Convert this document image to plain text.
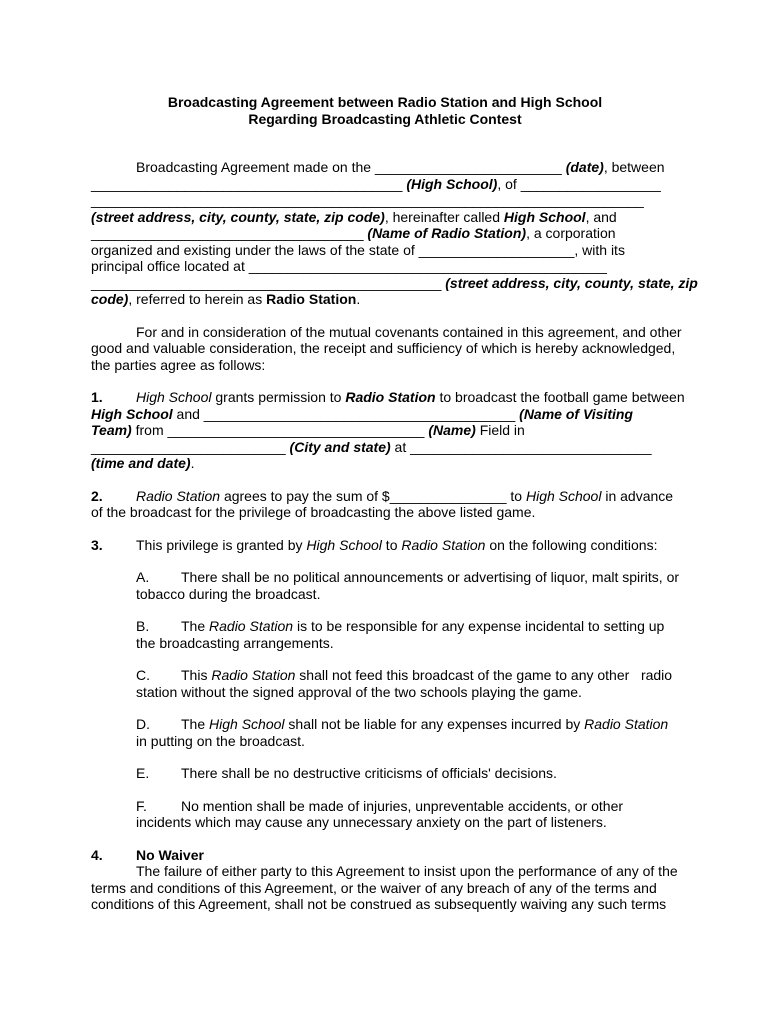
Broadcasting Agreement between Radio Station and High School
Regarding Broadcasting Athletic Contest
Broadcasting Agreement made on the ________________________ (date), between
________________________________________ (High School), of __________________
_______________________________________________________________________
(street address, city, county, state, zip code), hereinafter called High School, and
___________________________________ (Name of Radio Station), a corporation
organized and existing under the laws of the state of ____________________, with its
principal office located at ______________________________________________
_____________________________________________ (street address, city, county, state, zip
code), referred to herein as Radio Station.
For and in consideration of the mutual covenants contained in this agreement, and other
good and valuable consideration, the receipt and sufficiency of which is hereby acknowledged,
the parties agree as follows:
1. High School grants permission to Radio Station to broadcast the football game between
High School and ________________________________________ (Name of Visiting
Team) from _________________________________ (Name) Field in
_________________________ (City and state) at _______________________________
(time and date).
2. Radio Station agrees to pay the sum of $_______________ to High School in advance
of the broadcast for the privilege of broadcasting the above listed game.
3. This privilege is granted by High School to Radio Station on the following conditions:
A. There shall be no political announcements or advertising of liquor, malt spirits, or
tobacco during the broadcast.
B. The Radio Station is to be responsible for any expense incidental to setting up
the broadcasting arrangements.
C. This Radio Station shall not feed this broadcast of the game to any other   radio
station without the signed approval of the two schools playing the game.
D. The High School shall not be liable for any expenses incurred by Radio Station
in putting on the broadcast.
E. There shall be no destructive criticisms of officials' decisions.
F. No mention shall be made of injuries, unpreventable accidents, or other
incidents which may cause any unnecessary anxiety on the part of listeners.
4. No Waiver
The failure of either party to this Agreement to insist upon the performance of any of the
terms and conditions of this Agreement, or the waiver of any breach of any of the terms and
conditions of this Agreement, shall not be construed as subsequently waiving any such terms
